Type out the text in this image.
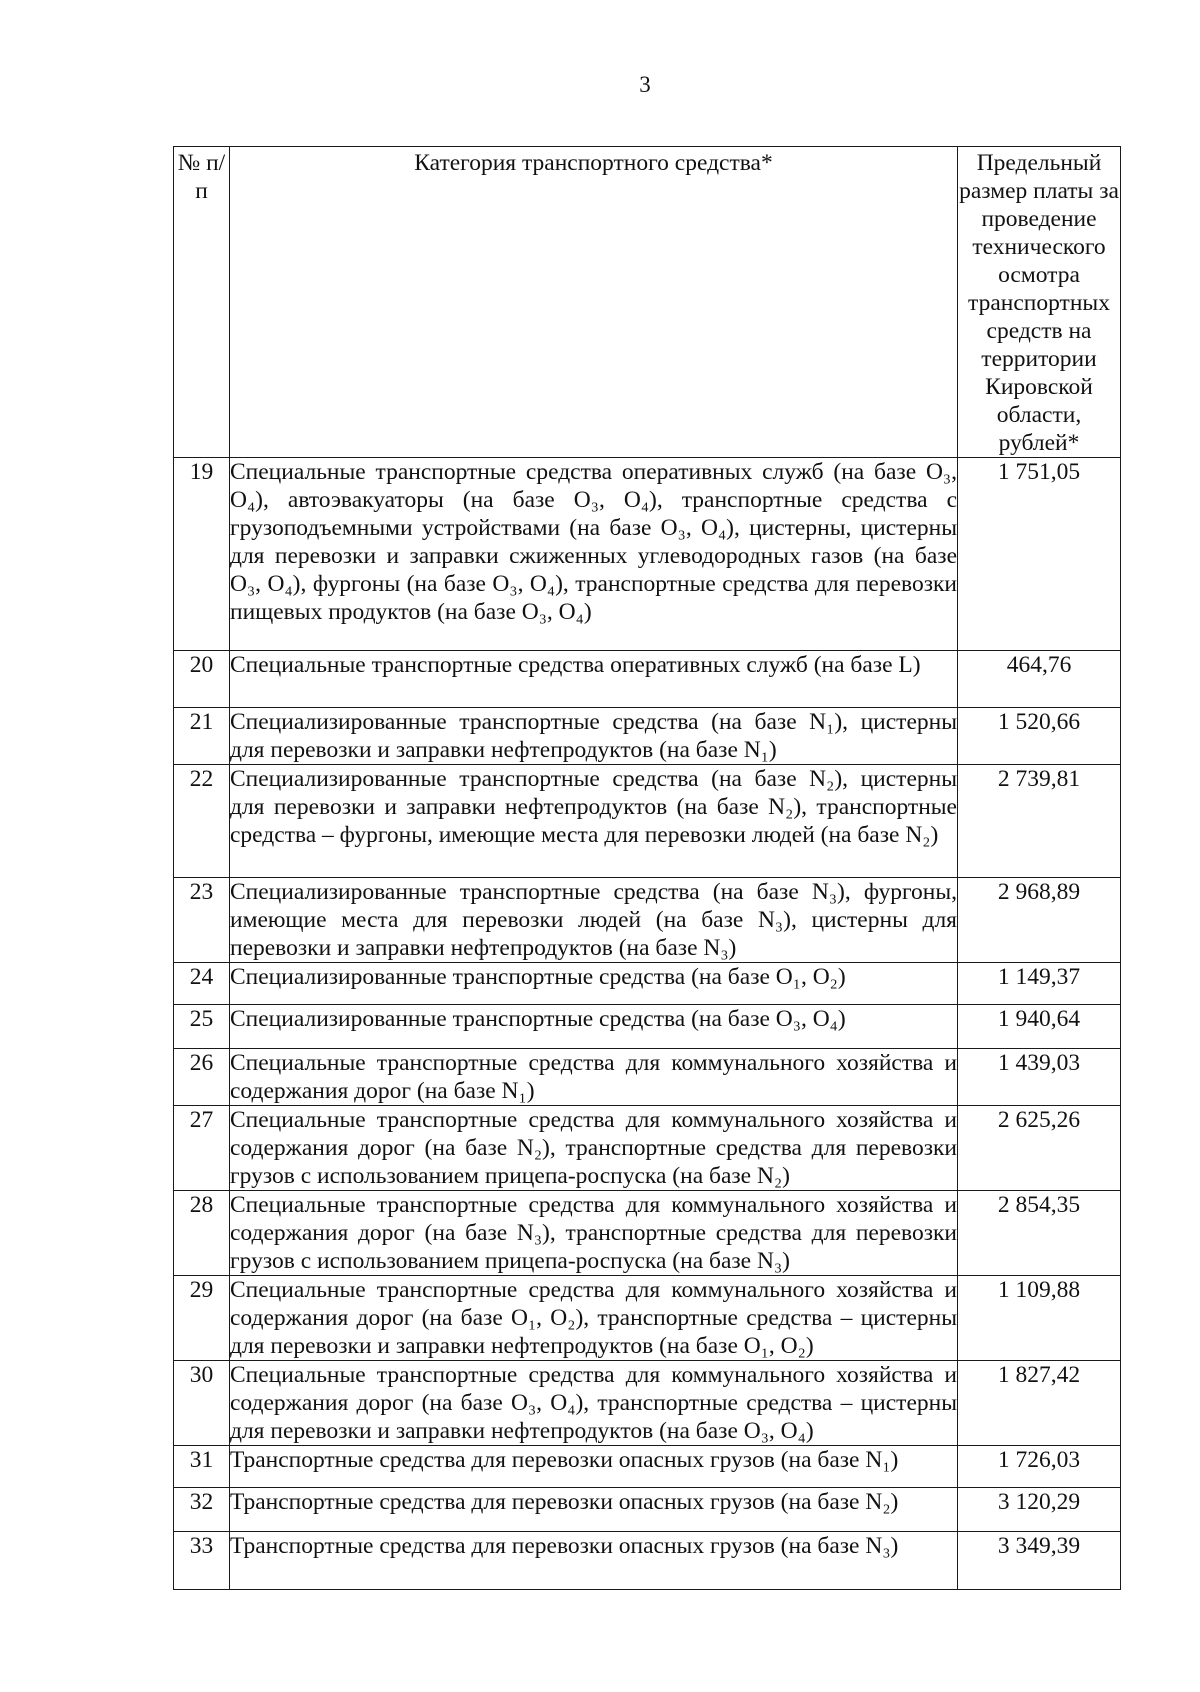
3
№ п/п	Категория транспортного средства*	Предельный размер платы за проведение технического осмотра транспортных средств на территории Кировской области, рублей*
19	Специальные транспортные средства оперативных служб (на базе O₃, O₄), автоэвакуаторы (на базе O₃, O₄), транспортные средства с грузоподъемными устройствами (на базе O₃, O₄), цистерны, цистерны для перевозки и заправки сжиженных углеводородных газов (на базе O₃, O₄), фургоны (на базе O₃, O₄), транспортные средства для перевозки пищевых продуктов (на базе O₃, O₄)	1 751,05
20	Специальные транспортные средства оперативных служб (на базе L)	464,76
21	Специализированные транспортные средства (на базе N₁), цистерны для перевозки и заправки нефтепродуктов (на базе N₁)	1 520,66
22	Специализированные транспортные средства (на базе N₂), цистерны для перевозки и заправки нефтепродуктов (на базе N₂), транспортные средства – фургоны, имеющие места для перевозки людей (на базе N₂)	2 739,81
23	Специализированные транспортные средства (на базе N₃), фургоны, имеющие места для перевозки людей (на базе N₃), цистерны для перевозки и заправки нефтепродуктов (на базе N₃)	2 968,89
24	Специализированные транспортные средства (на базе O₁, O₂)	1 149,37
25	Специализированные транспортные средства (на базе O₃, O₄)	1 940,64
26	Специальные транспортные средства для коммунального хозяйства и содержания дорог (на базе N₁)	1 439,03
27	Специальные транспортные средства для коммунального хозяйства и содержания дорог (на базе N₂), транспортные средства для перевозки грузов с использованием прицепа-роспуска (на базе N₂)	2 625,26
28	Специальные транспортные средства для коммунального хозяйства и содержания дорог (на базе N₃), транспортные средства для перевозки грузов с использованием прицепа-роспуска (на базе N₃)	2 854,35
29	Специальные транспортные средства для коммунального хозяйства и содержания дорог (на базе O₁, O₂), транспортные средства – цистерны для перевозки и заправки нефтепродуктов (на базе O₁, O₂)	1 109,88
30	Специальные транспортные средства для коммунального хозяйства и содержания дорог (на базе O₃, O₄), транспортные средства – цистерны для перевозки и заправки нефтепродуктов (на базе O₃, O₄)	1 827,42
31	Транспортные средства для перевозки опасных грузов (на базе N₁)	1 726,03
32	Транспортные средства для перевозки опасных грузов (на базе N₂)	3 120,29
33	Транспортные средства для перевозки опасных грузов (на базе N₃)	3 349,39
